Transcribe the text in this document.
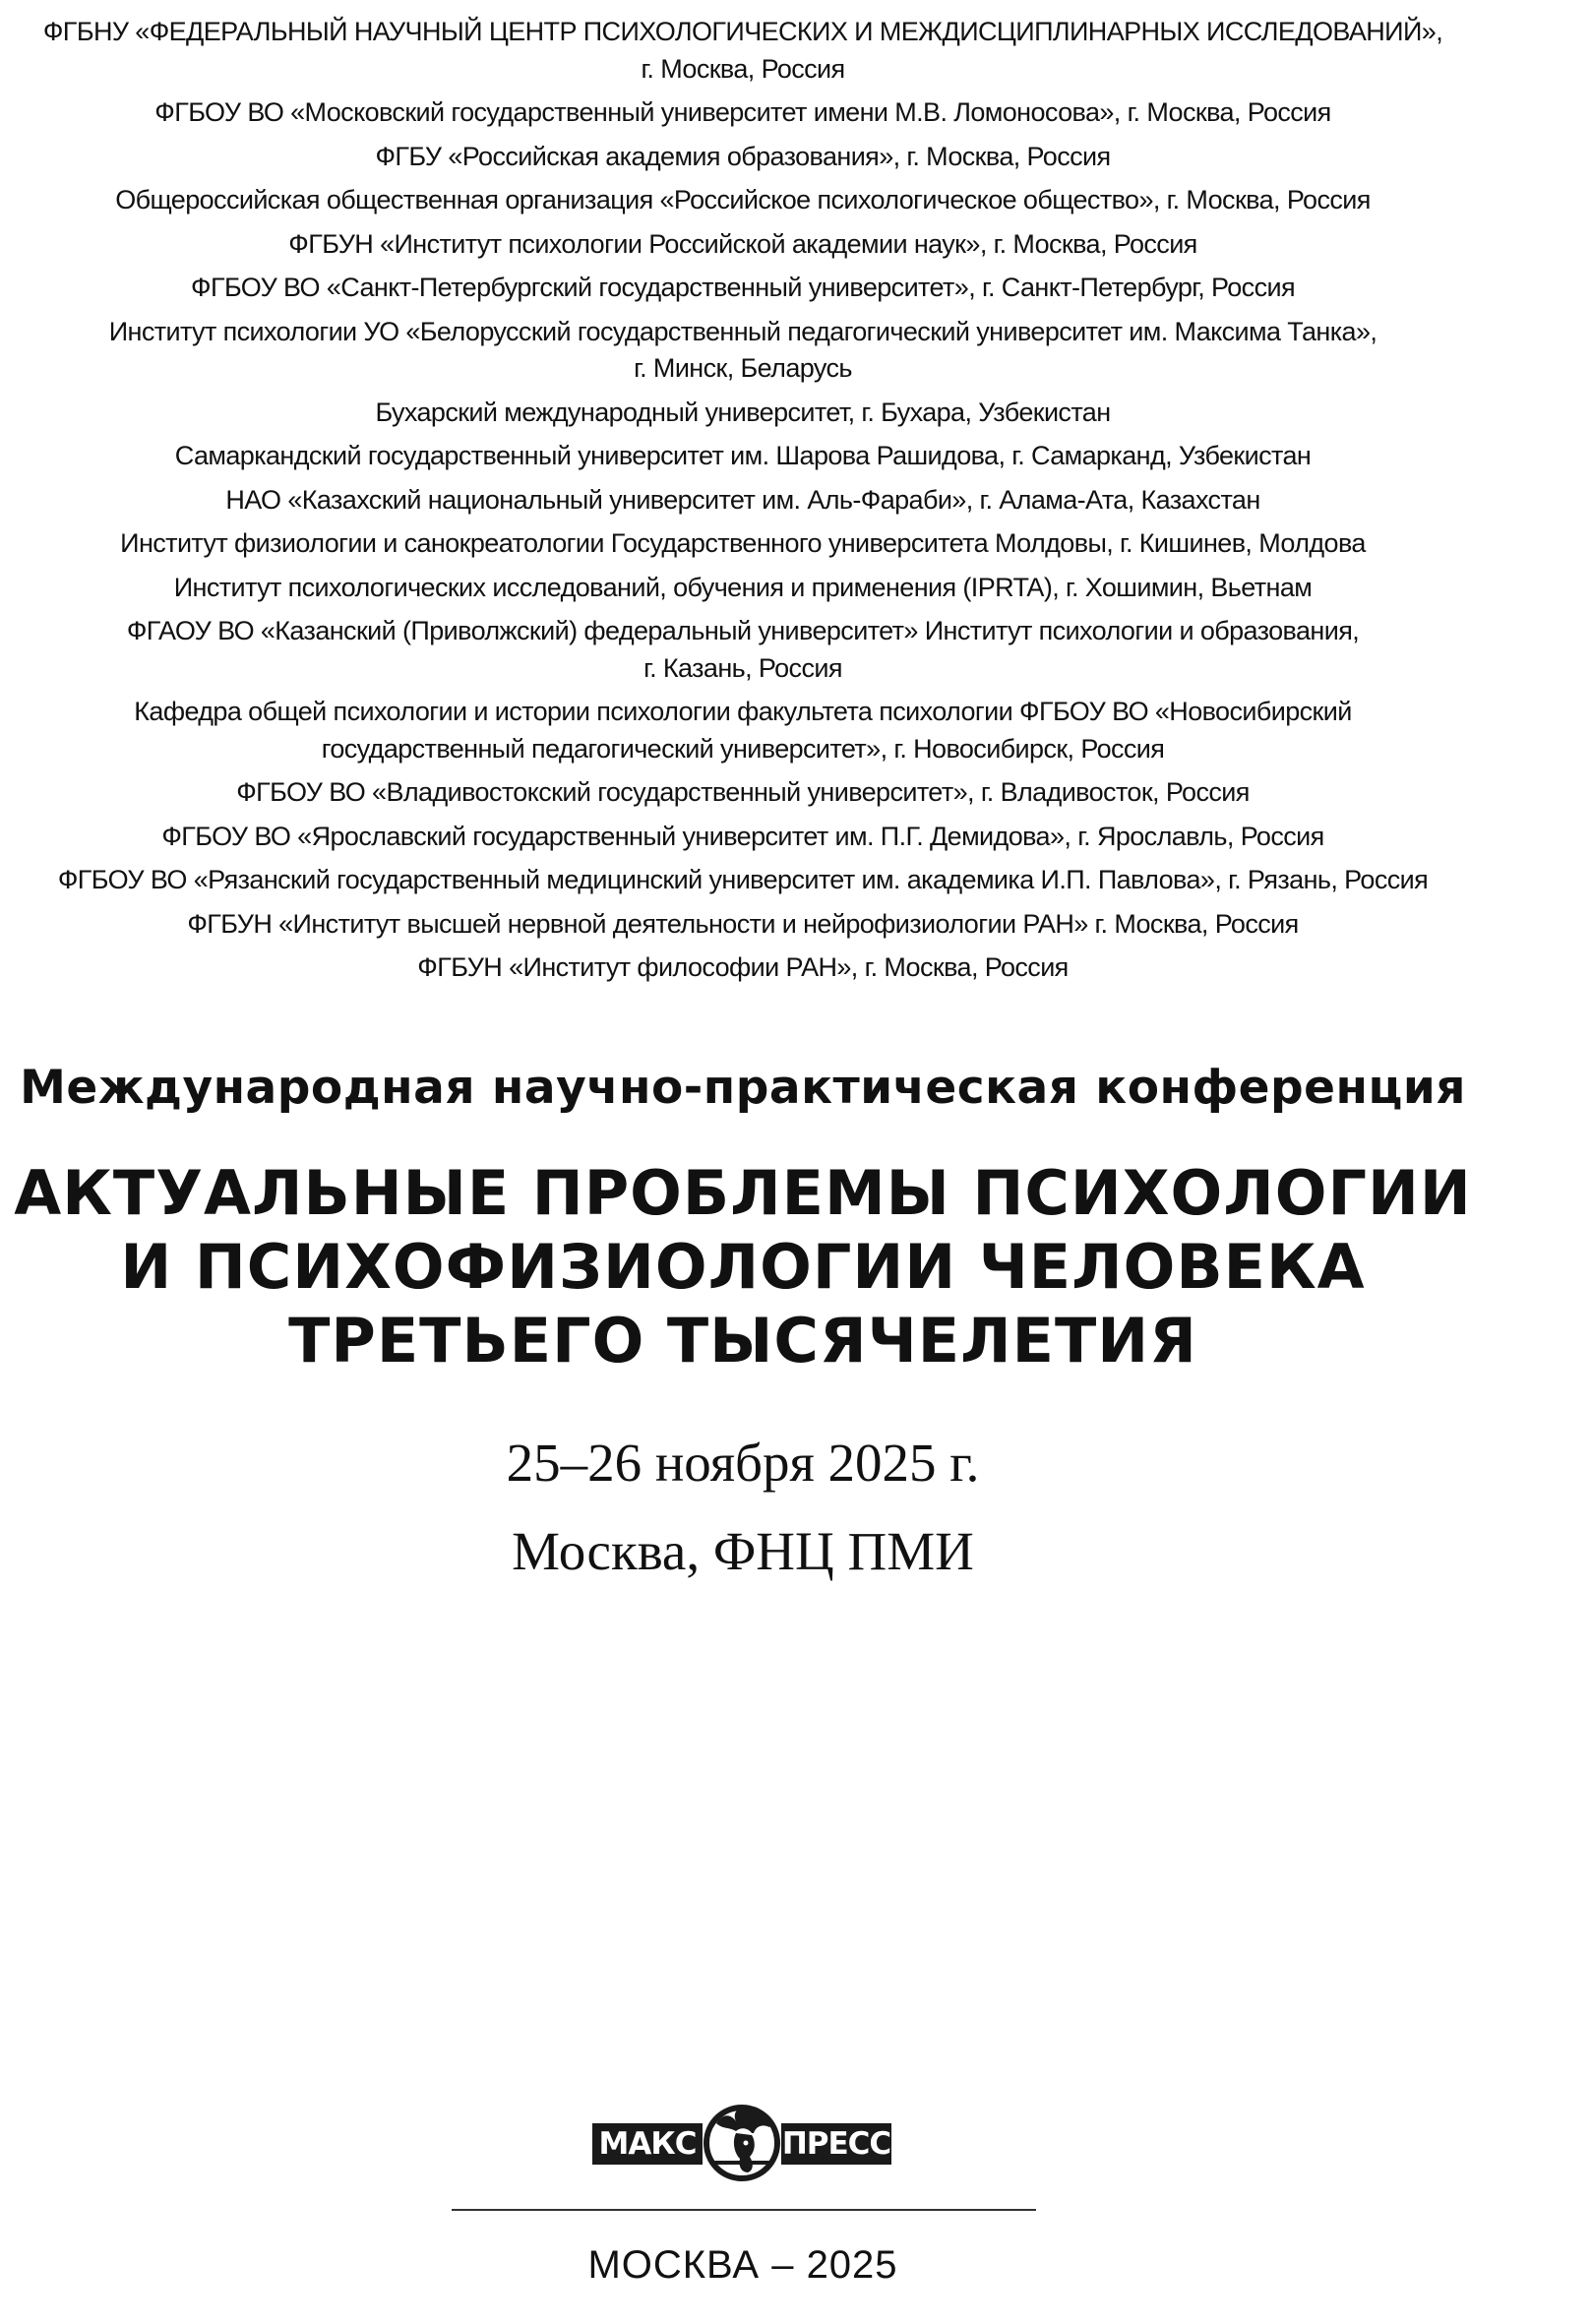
ФГБНУ «ФЕДЕРАЛЬНЫЙ НАУЧНЫЙ ЦЕНТР ПСИХОЛОГИЧЕСКИХ И МЕЖДИСЦИПЛИНАРНЫХ ИССЛЕДОВАНИЙ»,
г. Москва, Россия
ФГБОУ ВО «Московский государственный университет имени М.В. Ломоносова», г. Москва, Россия
ФГБУ «Российская академия образования», г. Москва, Россия
Общероссийская общественная организация «Российское психологическое общество», г. Москва, Россия
ФГБУН «Институт психологии Российской академии наук», г. Москва, Россия
ФГБОУ ВО «Санкт-Петербургский государственный университет», г. Санкт-Петербург, Россия
Институт психологии УО «Белорусский государственный педагогический университет им. Максима Танка»,
г. Минск, Беларусь
Бухарский международный университет, г. Бухара, Узбекистан
Самаркандский государственный университет им. Шарова Рашидова, г. Самарканд, Узбекистан
НАО «Казахский национальный университет им. Аль-Фараби», г. Алама-Ата, Казахстан
Институт физиологии и санокреатологии Государственного университета Молдовы, г. Кишинев, Молдова
Институт психологических исследований, обучения и применения (IPRTA), г. Хошимин, Вьетнам
ФГАОУ ВО «Казанский (Приволжский) федеральный университет» Институт психологии и образования,
г. Казань, Россия
Кафедра общей психологии и истории психологии факультета психологии ФГБОУ ВО «Новосибирский
государственный педагогический университет», г. Новосибирск, Россия
ФГБОУ ВО «Владивостокский государственный университет», г. Владивосток, Россия
ФГБОУ ВО «Ярославский государственный университет им. П.Г. Демидова», г. Ярославль, Россия
ФГБОУ ВО «Рязанский государственный медицинский университет им. академика И.П. Павлова», г. Рязань, Россия
ФГБУН «Институт высшей нервной деятельности и нейрофизиологии РАН» г. Москва, Россия
ФГБУН «Институт философии РАН», г. Москва, Россия
Международная научно-практическая конференция
АКТУАЛЬНЫЕ ПРОБЛЕМЫ ПСИХОЛОГИИ
И ПСИХОФИЗИОЛОГИИ ЧЕЛОВЕКА
ТРЕТЬЕГО ТЫСЯЧЕЛЕТИЯ
25–26 ноября 2025 г.
Москва, ФНЦ ПМИ
МАКС	ПРЕСС
МОСКВА – 2025
